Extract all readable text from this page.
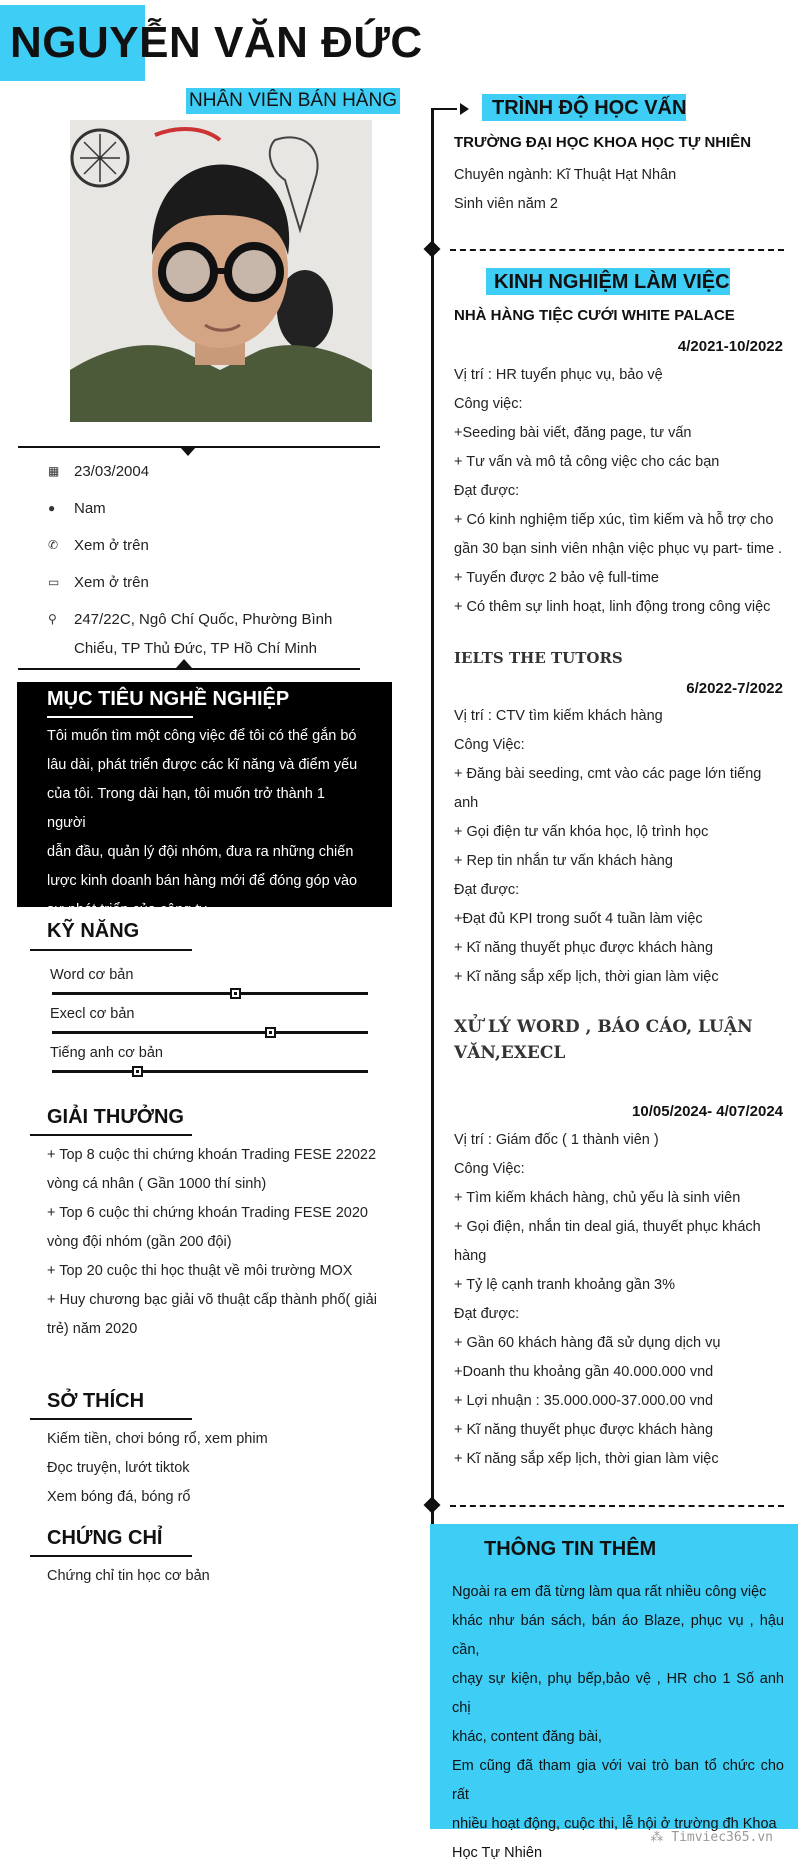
NGUYỄN VĂN ĐỨC
NHÂN VIÊN BÁN HÀNG
▦ 23/03/2004
●	Nam
✆	Xem ở trên
▭ Xem ở trên
⚲	247/22C, Ngô Chí Quốc, Phường Bình
Chiểu, TP Thủ Đức, TP Hồ Chí Minh
MỤC TIÊU NGHỀ NGHIỆP
Tôi muốn tìm một công việc để tôi có thể gắn bó
lâu dài, phát triển được các kĩ năng và điểm yếu
của tôi. Trong dài hạn, tôi muốn trở thành 1 người
dẫn đầu, quản lý đội nhóm, đưa ra những chiến
lược kinh doanh bán hàng mới để đóng góp vào
sự phát triển của công ty.
KỸ NĂNG
Word cơ bản
Execl cơ bản
Tiếng anh cơ bản
GIẢI THƯỞNG
+ Top 8 cuộc thi chứng khoán Trading FESE 22022
vòng cá nhân ( Gần 1000 thí sinh)
+ Top 6 cuộc thi chứng khoán Trading FESE 2020
vòng đội nhóm (gần 200 đội)
+ Top 20 cuộc thi học thuật về môi trường MOX
+ Huy chương bạc giải võ thuật cấp thành phố( giải
trẻ) năm 2020
SỞ THÍCH
Kiếm tiền, chơi bóng rổ, xem phim
Đọc truyện, lướt tiktok
Xem bóng đá, bóng rổ
CHỨNG CHỈ
Chứng chỉ tin học cơ bản
TRÌNH ĐỘ HỌC VẤN
TRƯỜNG ĐẠI HỌC KHOA HỌC TỰ NHIÊN
Chuyên ngành: Kĩ Thuật Hạt Nhân
Sinh viên năm 2
KINH NGHIỆM LÀM VIỆC
NHÀ HÀNG TIỆC CƯỚI WHITE PALACE
4/2021-10/2022
Vị trí : HR tuyển phục vụ, bảo vệ
Công việc:
+Seeding bài viết, đăng page, tư vấn
+ Tư vấn và mô tả công việc cho các bạn
Đạt được:
+ Có kinh nghiệm tiếp xúc, tìm kiếm và hỗ trợ cho
gần 30 bạn sinh viên nhận việc phục vụ part- time .
+ Tuyển được 2 bảo vệ full-time
+ Có thêm sự linh hoạt, linh động trong công việc
IELTS THE TUTORS
6/2022-7/2022
Vị trí : CTV tìm kiếm khách hàng
Công Việc:
+ Đăng bài seeding, cmt vào các page lớn tiếng anh
+ Gọi điện tư vấn khóa học, lộ trình học
+ Rep tin nhắn tư vấn khách hàng
Đạt được:
+Đạt đủ KPI trong suốt 4 tuần làm việc
+ Kĩ năng thuyết phục được khách hàng
+ Kĩ năng sắp xếp lịch, thời gian làm việc
XỬ LÝ WORD , BÁO CÁO, LUẬN
VĂN,EXECL
10/05/2024- 4/07/2024
Vị trí : Giám đốc ( 1 thành viên )
Công Việc:
+ Tìm kiếm khách hàng, chủ yếu là sinh viên
+ Gọi điện, nhắn tin deal giá, thuyết phục khách hàng
+ Tỷ lệ cạnh tranh khoảng gần 3%
Đạt được:
+ Gần 60 khách hàng đã sử dụng dịch vụ
+Doanh thu khoảng gần 40.000.000 vnd
+ Lợi nhuận : 35.000.000-37.000.00 vnd
+ Kĩ năng thuyết phục được khách hàng
+ Kĩ năng sắp xếp lịch, thời gian làm việc
THÔNG TIN THÊM
Ngoài ra em đã từng làm qua rất nhiều công việc
khác như bán sách, bán áo Blaze, phục vụ , hậu cần,
chạy sự kiện, phụ bếp,bảo vệ , HR cho 1 Số anh chị
khác, content đăng bài,
Em cũng đã tham gia với vai trò ban tổ chức cho rất
nhiều hoạt động, cuộc thi, lễ hội ở trường đh Khoa
Học Tự Nhiên
⁂ Timviec365.vn
